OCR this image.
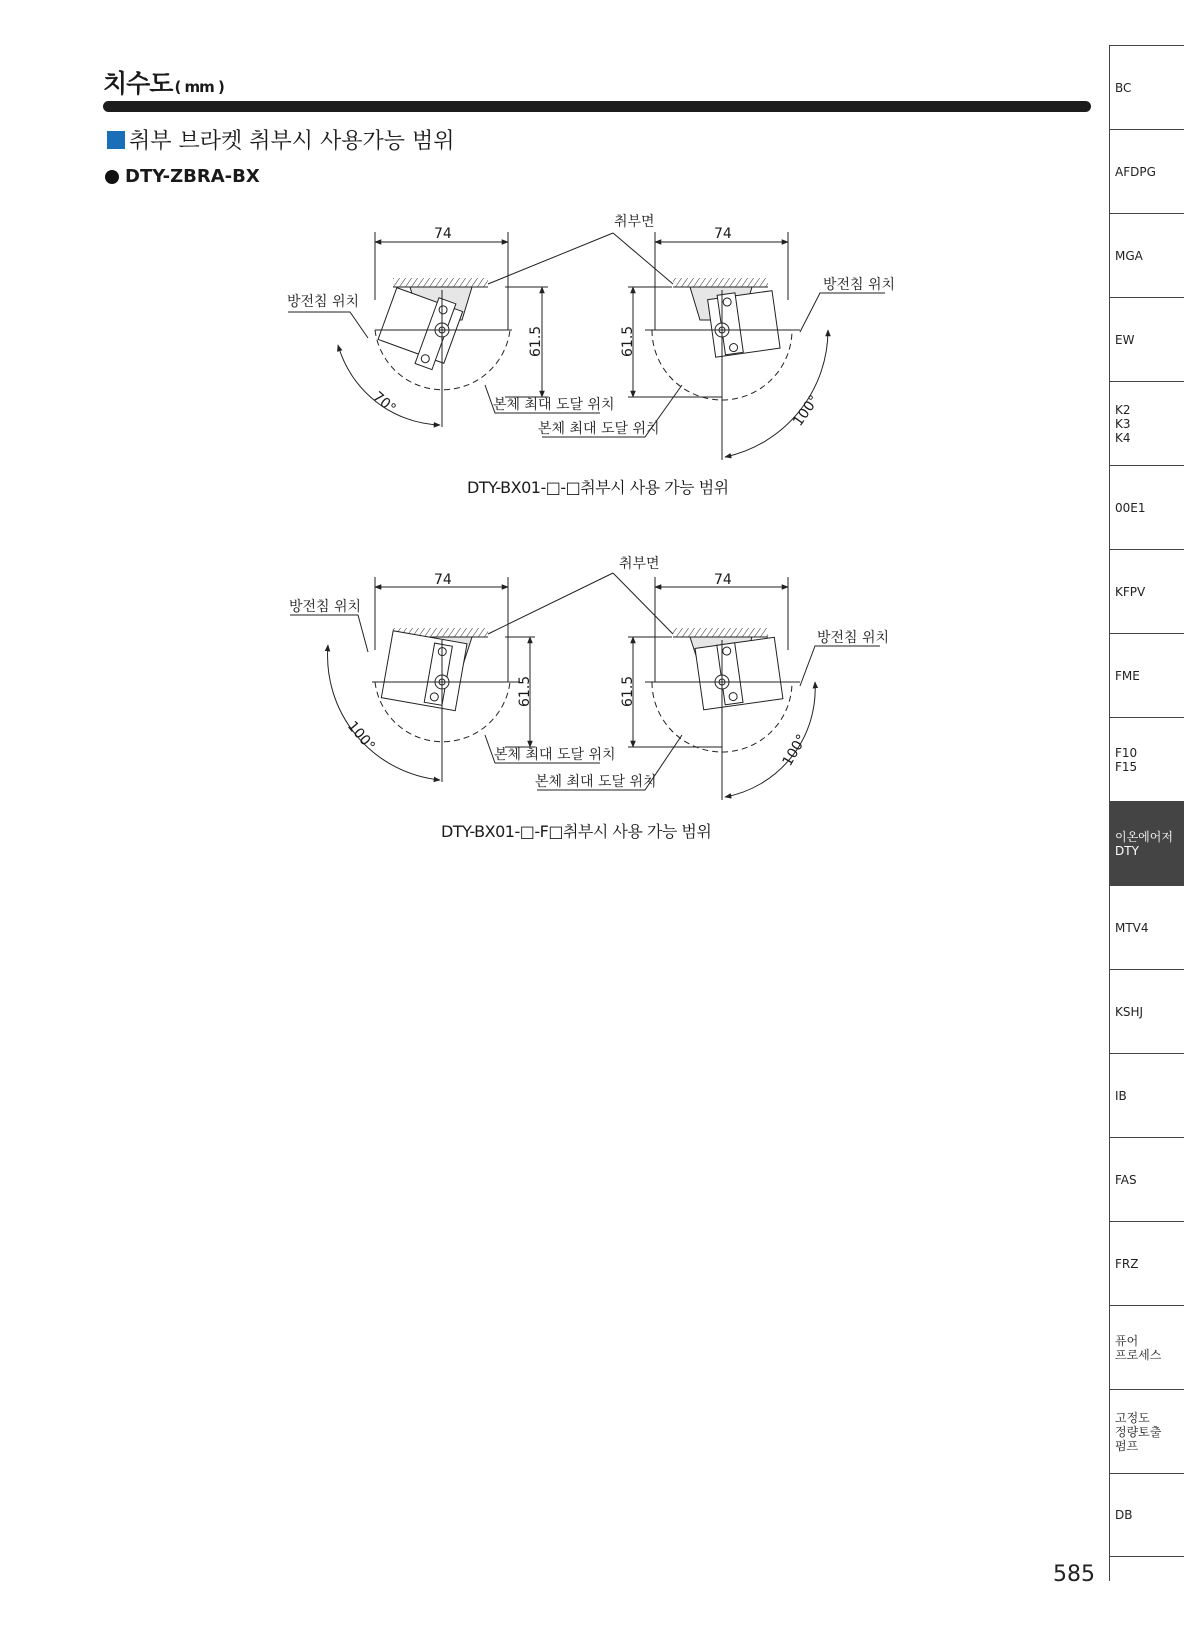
치수도 ( mm )
취부 브라켓 취부시 사용가능 범위
DTY-ZBRA-BX
취부면
74	74
방전침 위치
방전침 위치
본체 최대 도달 위치
본체 최대 도달 위치
61.5	61.5
70°	100°
취부면
74	74
방전침 위치
방전침 위치
본체 최대 도달 위치
본체 최대 도달 위치
61.5	61.5
100°	100°
DTY-BX01-□-□취부시 사용 가능 범위
DTY-BX01-□-F□취부시 사용 가능 범위
BC
AFDPG
MGA
EW
K2
K3
K4
00E1
KFPV
FME
F10
F15
이온에어저
DTY
MTV4
KSHJ
IB
FAS
FRZ
퓨어
프로세스
고정도
정량토출
펌프
DB
585
